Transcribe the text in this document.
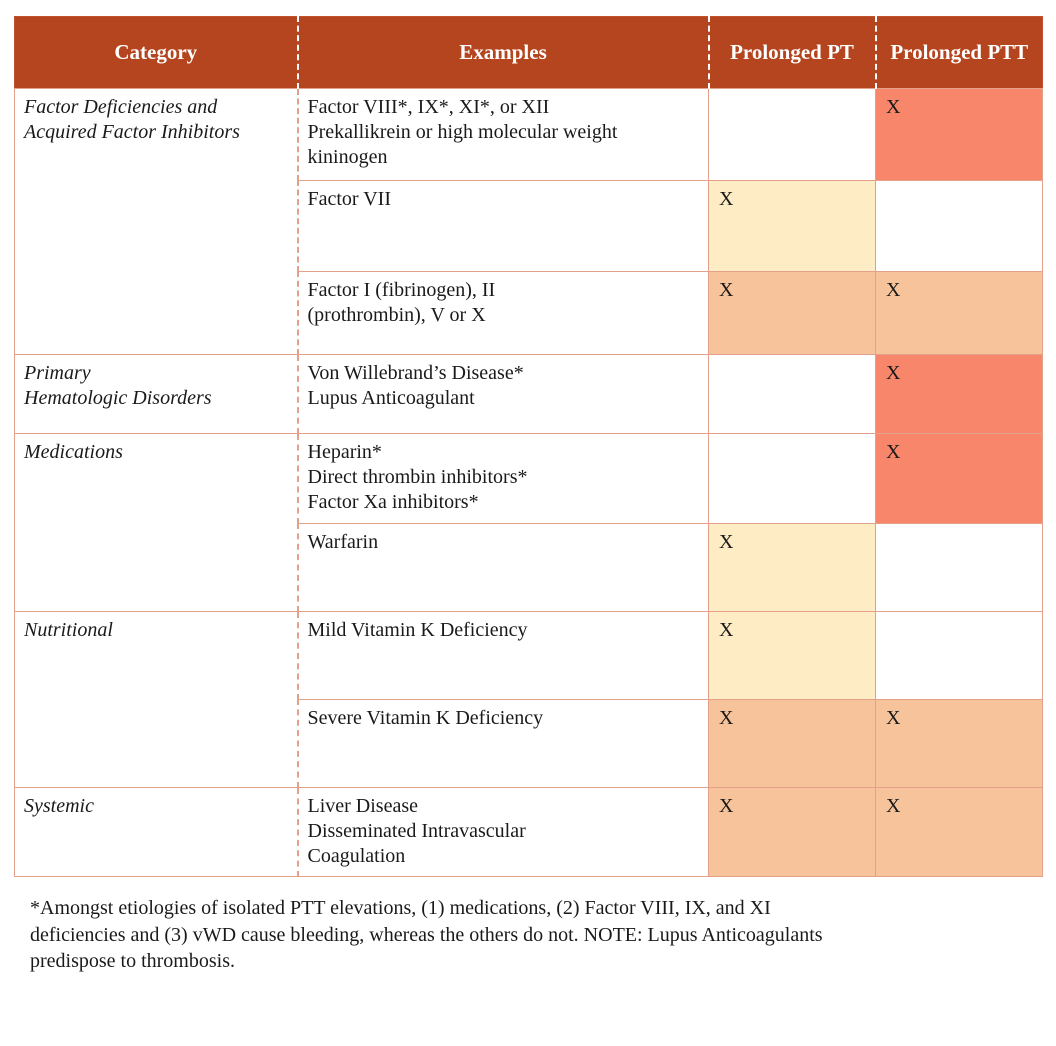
Category	Examples	Prolonged PT	Prolonged PTT

Factor Deficiencies and
Acquired Factor Inhibitors	Factor VIII*, IX*, XI*, or XII
Prekallikrein or high molecular weight
kininogen		X

	Factor VII	X	

	Factor I (fibrinogen), II
(prothrombin), V or X	X	X

Primary
Hematologic Disorders	Von Willebrand’s Disease*
Lupus Anticoagulant		X

Medications	Heparin*
Direct thrombin inhibitors*
Factor Xa inhibitors*		X

	Warfarin	X	

Nutritional	Mild Vitamin K Deficiency	X	

	Severe Vitamin K Deficiency	X	X

Systemic	Liver Disease
Disseminated Intravascular
Coagulation	X	X
*Amongst etiologies of isolated PTT elevations, (1) medications, (2) Factor VIII, IX, and XI
deficiencies and (3) vWD cause bleeding, whereas the others do not. NOTE: Lupus Anticoagulants
predispose to thrombosis.
